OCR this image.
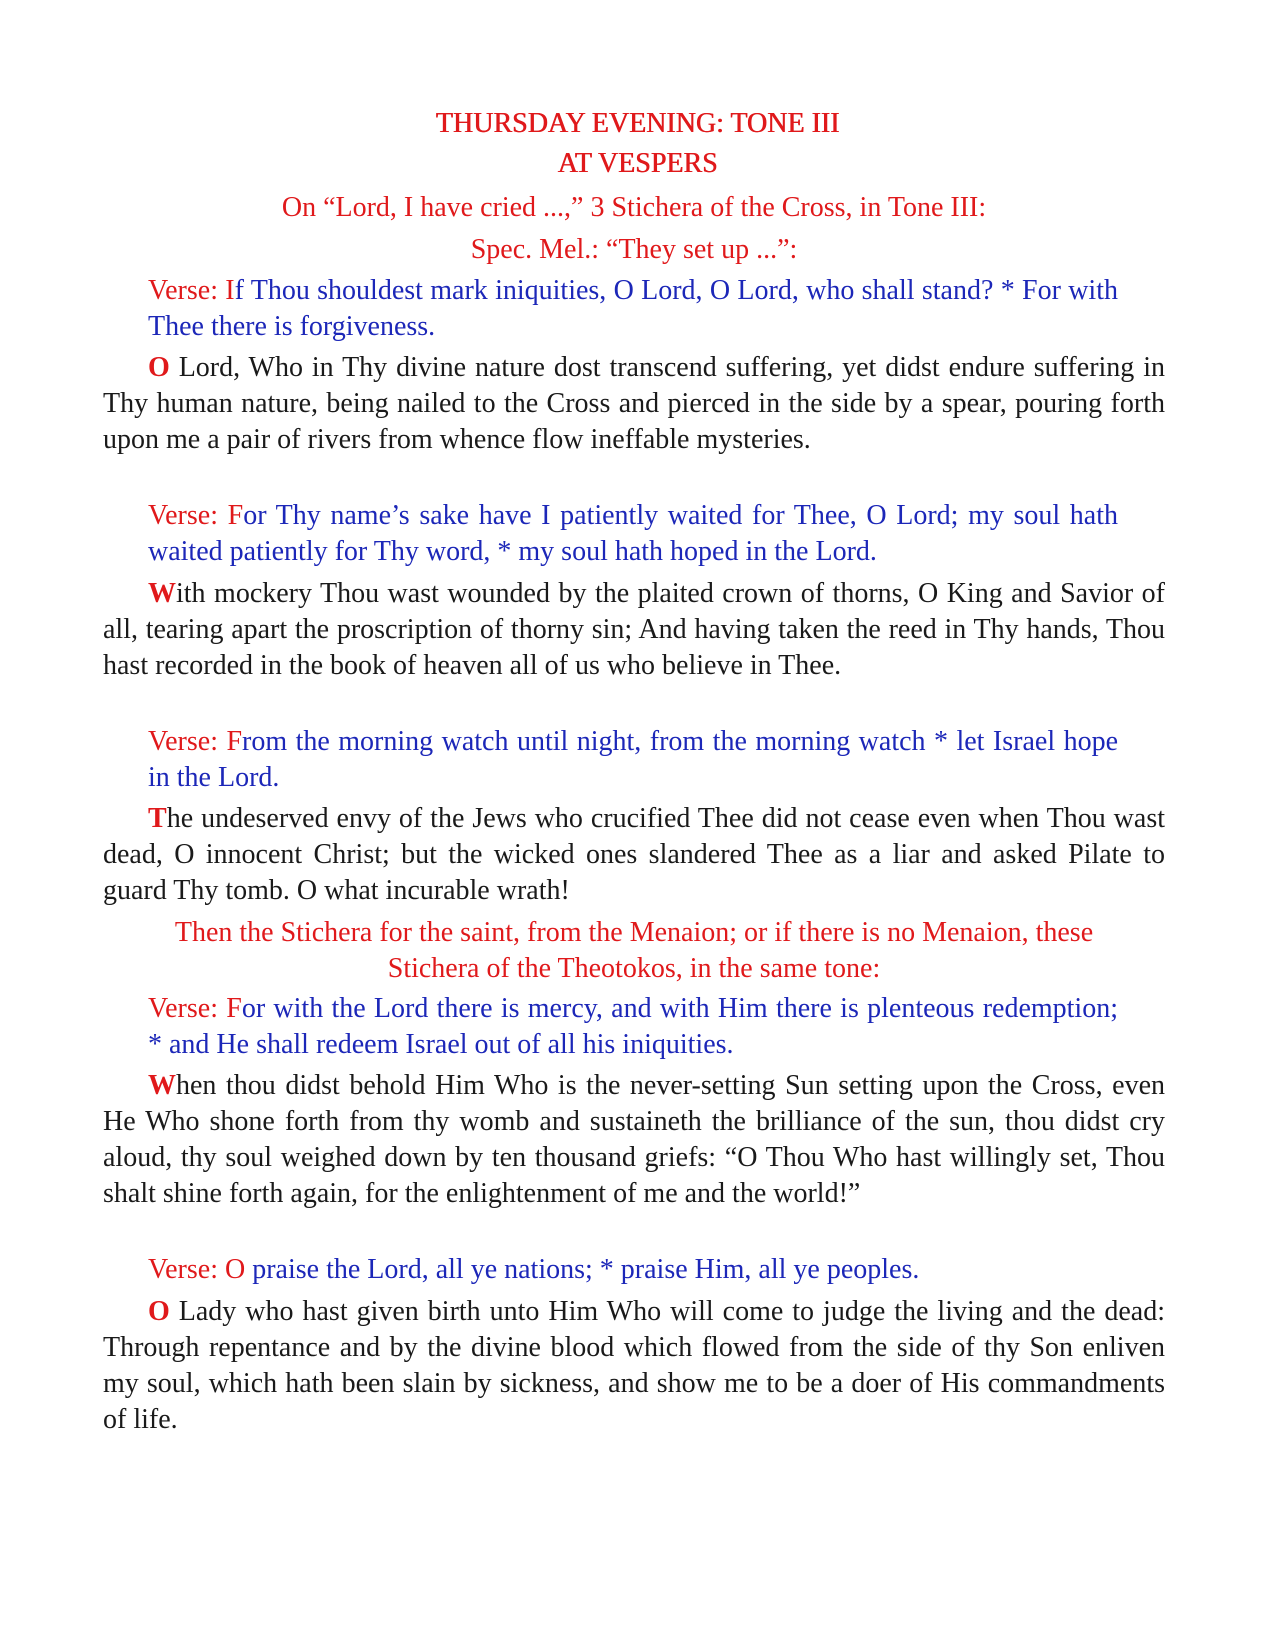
THURSDAY EVENING: TONE III
AT VESPERS
On “Lord, I have cried ...,” 3 Stichera of the Cross, in Tone III:
Spec. Mel.: “They set up ...”:
Verse: If Thou shouldest mark iniquities, O Lord, O Lord, who shall stand? * For with Thee there is forgiveness.

O Lord, Who in Thy divine nature dost transcend suffering, yet didst endure suffering in Thy human nature, being nailed to the Cross and pierced in the side by a spear, pouring forth upon me a pair of rivers from whence flow ineffable mysteries.

Verse: For Thy name’s sake have I patiently waited for Thee, O Lord; my soul hath waited patiently for Thy word, * my soul hath hoped in the Lord.

With mockery Thou wast wounded by the plaited crown of thorns, O King and Savior of all, tearing apart the proscription of thorny sin; And having taken the reed in Thy hands, Thou hast recorded in the book of heaven all of us who believe in Thee.

Verse: From the morning watch until night, from the morning watch * let Israel hope in the Lord.

The undeserved envy of the Jews who crucified Thee did not cease even when Thou wast dead, O innocent Christ; but the wicked ones slandered Thee as a liar and asked Pilate to guard Thy tomb. O what incurable wrath!

Then the Stichera for the saint, from the Menaion; or if there is no Menaion, these
Stichera of the Theotokos, in the same tone:
Verse: For with the Lord there is mercy, and with Him there is plenteous redemption; * and He shall redeem Israel out of all his iniquities.

When thou didst behold Him Who is the never-setting Sun setting upon the Cross, even He Who shone forth from thy womb and sustaineth the brilliance of the sun, thou didst cry aloud, thy soul weighed down by ten thousand griefs: “O Thou Who hast willingly set, Thou shalt shine forth again, for the enlightenment of me and the world!”

Verse: O praise the Lord, all ye nations; * praise Him, all ye peoples.

O Lady who hast given birth unto Him Who will come to judge the living and the dead: Through repentance and by the divine blood which flowed from the side of thy Son enliven my soul, which hath been slain by sickness, and show me to be a doer of His commandments of life.
